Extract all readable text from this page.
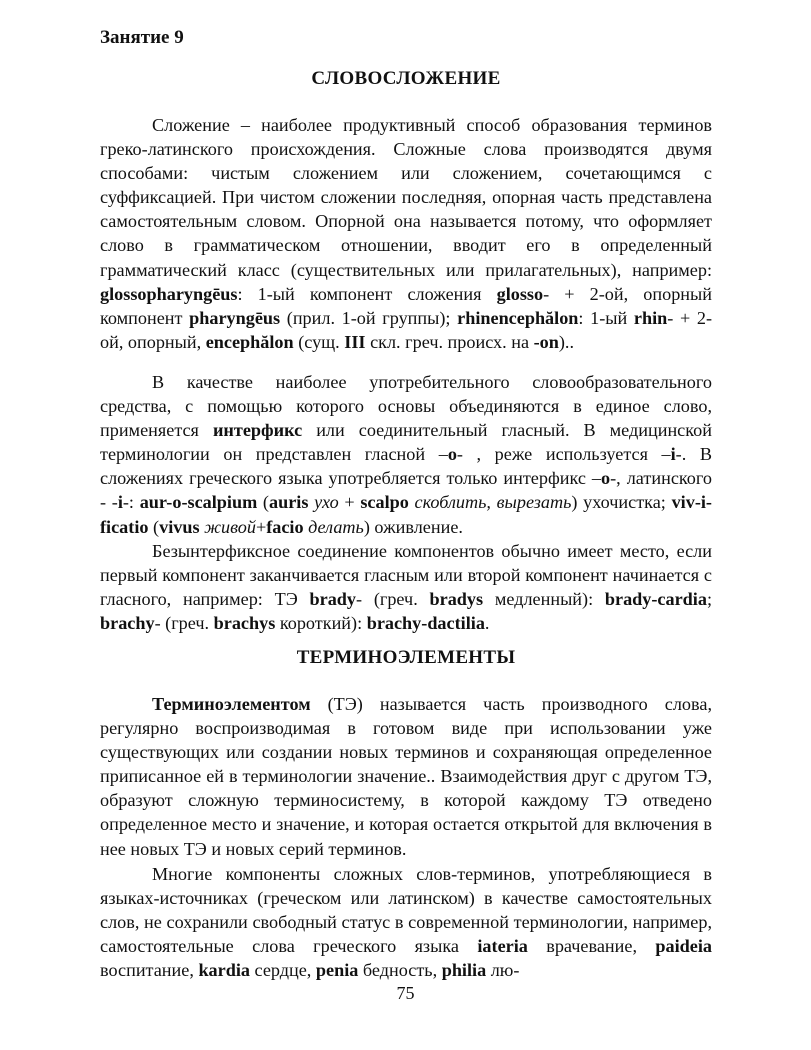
Занятие 9
СЛОВОСЛОЖЕНИЕ

Сложение – наиболее продуктивный способ образования терминов греко-латинского происхождения. Сложные слова производятся двумя способами: чистым сложением или сложением, сочетающимся с суффиксацией. При чистом сложении последняя, опорная часть представлена самостоятельным словом. Опорной она называется потому, что оформляет слово в грамматическом отношении, вводит его в определенный грамматический класс (существительных или прилагательных), например: glossopharyngēus: 1-ый компонент сложения glosso- + 2-ой, опорный компонент pharyngēus (прил. 1-ой группы); rhinencephălon: 1-ый rhin- + 2-ой, опорный, encephălon (сущ. III скл. греч. происх. на -on)..

В качестве наиболее употребительного словообразовательного средства, с помощью которого основы объединяются в единое слово, применяется интерфикс или соединительный гласный. В медицинской терминологии он представлен гласной –o- , реже используется –i-. В сложениях греческого языка употребляется только интерфикс –o-, латинского - -i-: aur-o-scalpium (auris ухо + scalpo скоблить, вырезать) ухочистка; viv-i-ficatio (vivus живой+facio делать) оживление.

Безынтерфиксное соединение компонентов обычно имеет место, если первый компонент заканчивается гласным или второй компонент начинается с гласного, например: ТЭ brady- (греч. bradys медленный): brady-cardia; brachy- (греч. brachys короткий): brachy-dactilia.

ТЕРМИНОЭЛЕМЕНТЫ

Терминоэлементом (ТЭ) называется часть производного слова, регулярно воспроизводимая в готовом виде при использовании уже существующих или создании новых терминов и сохраняющая определенное приписанное ей в терминологии значение.. Взаимодействия друг с другом ТЭ, образуют сложную терминосистему, в которой каждому ТЭ отведено определенное место и значение, и которая остается открытой для включения в нее новых ТЭ и новых серий терминов.

Многие компоненты сложных слов-терминов, употребляющиеся в языках-источниках (греческом или латинском) в качестве самостоятельных слов, не сохранили свободный статус в современной терминологии, например, самостоятельные слова греческого языка iateria врачевание, paideia воспитание, kardia сердце, penia бедность, philia лю-

75
